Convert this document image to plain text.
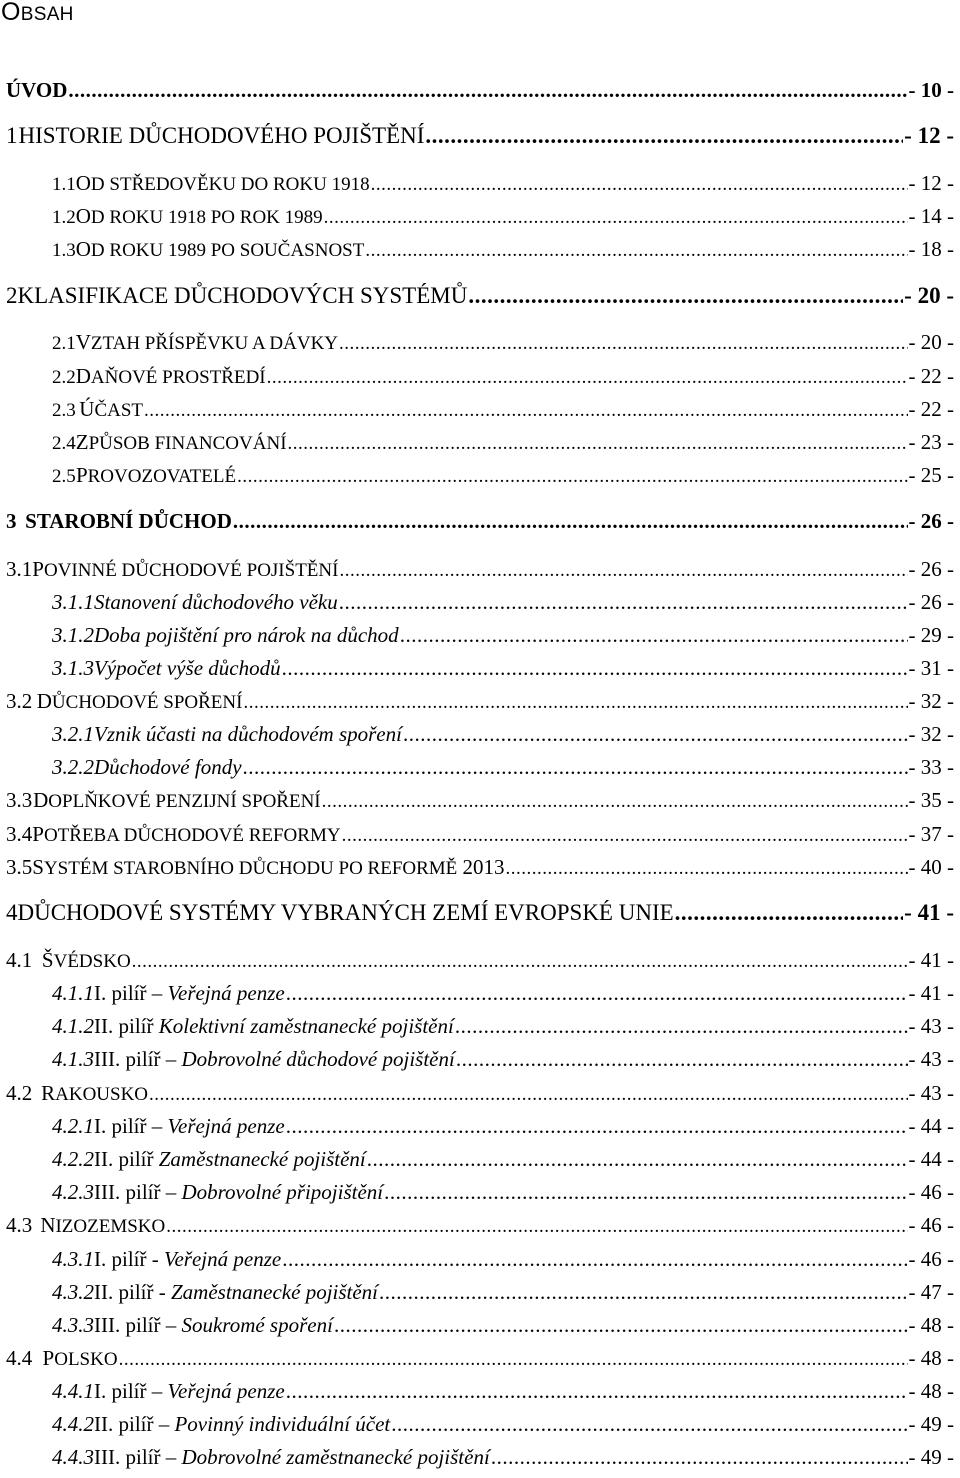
OBSAH
ÚVOD .....	- 10 -
1 HISTORIE DŮCHODOVÉHO POJIŠTĚNÍ .....	- 12 -
1.1 OD STŘEDOVĚKU DO ROKU 1918 .....	- 12 -
1.2 OD ROKU 1918 PO ROK 1989 .....	- 14 -
1.3 OD ROKU 1989 PO SOUČASNOST .....	- 18 -
2 KLASIFIKACE DŮCHODOVÝCH SYSTÉMŮ .....	- 20 -
2.1 VZTAH PŘÍSPĚVKU A DÁVKY .....	- 20 -
2.2 DAŇOVÉ PROSTŘEDÍ .....	- 22 -
2.3 ÚČAST .....	- 22 -
2.4 ZPŮSOB FINANCOVÁNÍ .....	- 23 -
2.5 PROVOZOVATELÉ .....	- 25 -
3 STAROBNÍ DŮCHOD .....	- 26 -
3.1 POVINNÉ DŮCHODOVÉ POJIŠTĚNÍ .....	- 26 -
3.1.1 Stanovení důchodového věku .....	- 26 -
3.1.2 Doba pojištění pro nárok na důchod .....	- 29 -
3.1.3 Výpočet výše důchodů .....	- 31 -
3.2 DŮCHODOVÉ SPOŘENÍ .....	- 32 -
3.2.1 Vznik účasti na důchodovém spoření .....	- 32 -
3.2.2 Důchodové fondy .....	- 33 -
3.3 DOPLŇKOVÉ PENZIJNÍ SPOŘENÍ .....	- 35 -
3.4 POTŘEBA DŮCHODOVÉ REFORMY .....	- 37 -
3.5 SYSTÉM STAROBNÍHO DŮCHODU PO REFORMĚ 2013 .....	- 40 -
4 DŮCHODOVÉ SYSTÉMY VYBRANÝCH ZEMÍ EVROPSKÉ UNIE .....	- 41 -
4.1 ŠVÉDSKO .....	- 41 -
4.1.1 I. pilíř – Veřejná penze .....	- 41 -
4.1.2 II. pilíř Kolektivní zaměstnanecké pojištění .....	- 43 -
4.1.3 III. pilíř – Dobrovolné důchodové pojištění .....	- 43 -
4.2 RAKOUSKO .....	- 43 -
4.2.1 I. pilíř – Veřejná penze .....	- 44 -
4.2.2 II. pilíř Zaměstnanecké pojištění .....	- 44 -
4.2.3 III. pilíř – Dobrovolné připojištění .....	- 46 -
4.3 NIZOZEMSKO .....	- 46 -
4.3.1 I. pilíř - Veřejná penze .....	- 46 -
4.3.2 II. pilíř - Zaměstnanecké pojištění .....	- 47 -
4.3.3 III. pilíř – Soukromé spoření .....	- 48 -
4.4 POLSKO .....	- 48 -
4.4.1 I. pilíř – Veřejná penze .....	- 48 -
4.4.2 II. pilíř – Povinný individuální účet .....	- 49 -
4.4.3 III. pilíř – Dobrovolné zaměstnanecké pojištění .....	- 49 -
